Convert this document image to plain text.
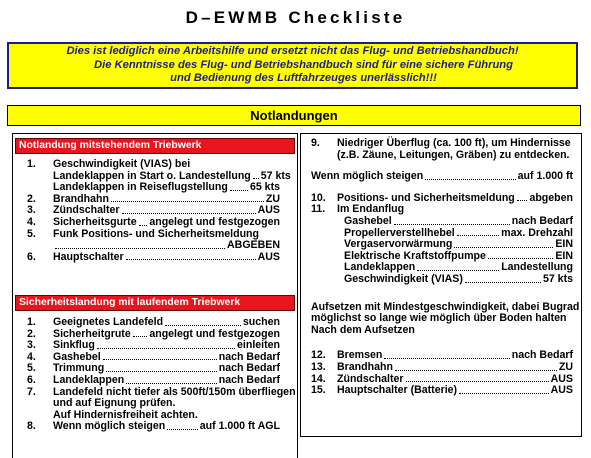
D–EWMB Checkliste
Dies ist lediglich eine Arbeitshilfe und ersetzt nicht das Flug- und Betriebshandbuch!
Die Kenntnisse des Flug- und Betriebshandbuch sind für eine sichere Führung
und Bedienung des Luftfahrzeuges unerlässlich!!!
Notlandungen
Notlandung mitstehendem Triebwerk
1.	Geschwindigkeit (VIAS) bei
Landeklappen in Start o. Landestellung 57 kts
Landeklappen in Reiseflugstellung 65 kts
2.	Brandhahn	ZU
3.	Zündschalter	AUS
4.	Sicherheitsgurte angelegt und festgezogen
5.	Funk Positions- und Sicherheitsmeldung
ABGEBEN
6.	Hauptschalter	AUS
Sicherheitslandung mit laufendem Triebwerk
1.	Geeignetes Landefeld	suchen
2.	Sicherheitgrute angelegt und festgezogen
3.	Sinkflug	einleiten
4.	Gashebel	nach Bedarf
5.	Trimmung	nach Bedarf
6.	Landeklappen	nach Bedarf
7.	Landefeld nicht tiefer als 500ft/150m überfliegen
und auf Eignung prüfen.
Auf Hindernisfreiheit achten.
8.	Wenn möglich steigen	auf 1.000 ft AGL
9.	Niedriger Überflug (ca. 100 ft), um Hindernisse
(z.B. Zäune, Leitungen, Gräben) zu entdecken.
Wenn möglich steigen	auf 1.000 ft
10.	Positions- und Sicherheitsmeldung abgeben
11.	Im Endanflug
Gashebel	nach Bedarf
Propellerverstellhebel	max. Drehzahl
Vergaservorwärmung	EIN
Elektrische Kraftstoffpumpe	EIN
Landeklappen	Landestellung
Geschwindigkeit (VIAS)	57 kts
Aufsetzen mit Mindestgeschwindigkeit, dabei Bugrad
möglichst so lange wie möglich über Boden halten
Nach dem Aufsetzen
12.	Bremsen	nach Bedarf
13.	Brandhahn	ZU
14.	Zündschalter	AUS
15.	Hauptschalter (Batterie)	AUS
